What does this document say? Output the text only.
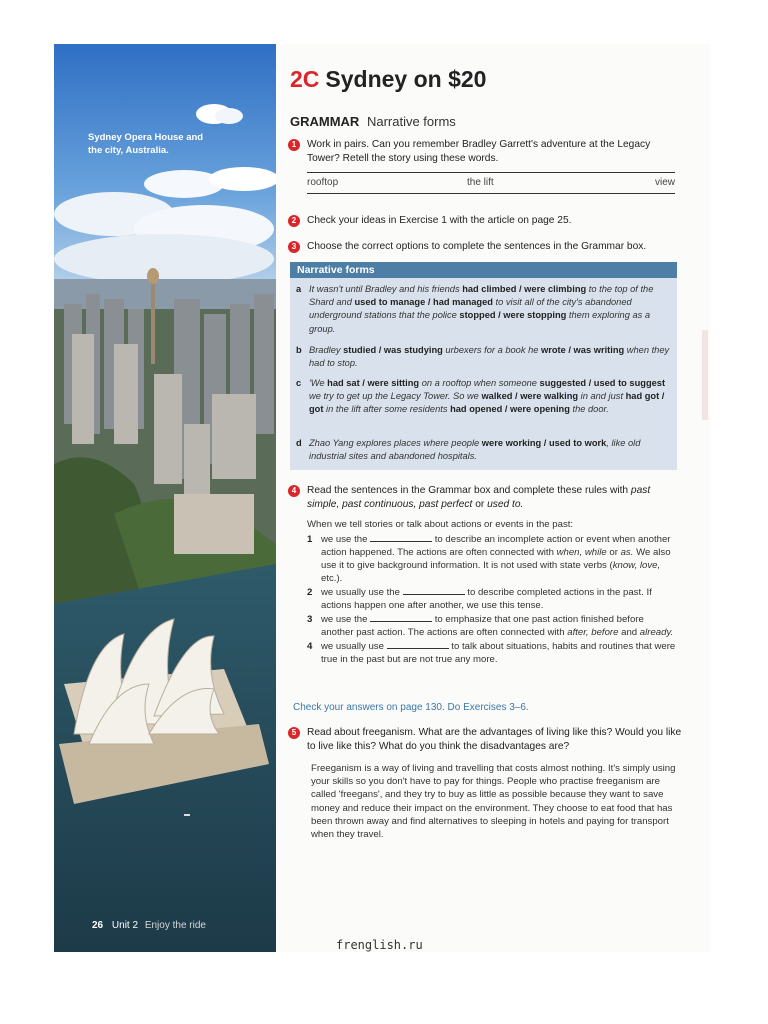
Sydney Opera House and the city, Australia.
26 Unit 2 Enjoy the ride
2C Sydney on $20
GRAMMAR Narrative forms
1	Work in pairs. Can you remember Bradley Garrett's adventure at the Legacy Tower? Retell the story using these words.
rooftop	the lift	view
2	Check your ideas in Exercise 1 with the article on page 25.
3	Choose the correct options to complete the sentences in the Grammar box.
Narrative forms
a It wasn't until Bradley and his friends had climbed / were climbing to the top of the Shard and used to manage / had managed to visit all of the city's abandoned underground stations that the police stopped / were stopping them exploring as a group.
b Bradley studied / was studying urbexers for a book he wrote / was writing when they had to stop.
c 'We had sat / were sitting on a rooftop when someone suggested / used to suggest we try to get up the Legacy Tower. So we walked / were walking in and just had got / got in the lift after some residents had opened / were opening the door.
d Zhao Yang explores places where people were working / used to work, like old industrial sites and abandoned hospitals.
4	Read the sentences in the Grammar box and complete these rules with past simple, past continuous, past perfect or used to.
When we tell stories or talk about actions or events in the past:
1 we use the	to describe an incomplete action or event when another action happened. The actions are often connected with when, while or as. We also use it to give background information. It is not used with state verbs (know, love, etc.).
2 we usually use the	to describe completed actions in the past. If actions happen one after another, we use this tense.
3 we use the	to emphasize that one past action finished before another past action. The actions are often connected with after, before and already.
4 we usually use	to talk about situations, habits and routines that were true in the past but are not true any more.
Check your answers on page 130. Do Exercises 3–6.
5	Read about freeganism. What are the advantages of living like this? Would you like to live like this? What do you think the disadvantages are?
Freeganism is a way of living and travelling that costs almost nothing. It's simply using your skills so you don't have to pay for things. People who practise freeganism are called 'freegans', and they try to buy as little as possible because they want to save money and reduce their impact on the environment. They choose to eat food that has been thrown away and find alternatives to sleeping in hotels and paying for transport when they travel.
frenglish.ru
